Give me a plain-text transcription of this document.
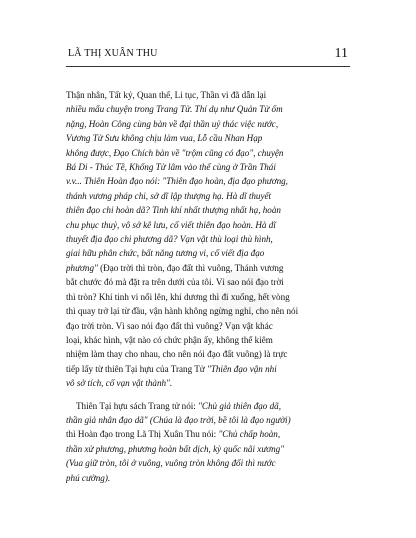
LÃ THỊ XUÂN THU	11
Thận nhân, Tất kỷ, Quan thế, Li tục, Thần vi đã dẫn lại
nhiều mẩu chuyện trong Trang Tử. Thí dụ như Quản Tử ốm
nặng, Hoàn Công cùng bàn về đại thần uỷ thác việc nước,
Vương Tử Sưu không chịu làm vua, Lỗ cầu Nhan Hạp
không được, Đạo Chích bàn về "trộm cũng có đạo", chuyện
Bá Di - Thúc Tề, Khổng Tử lâm vào thế cùng ở Trần Thái
v.v... Thiên Hoàn đạo nói: "Thiên đạo hoàn, địa đạo phương,
thánh vương pháp chi, sở dĩ lập thượng hạ. Hà dĩ thuyết
thiên đạo chi hoàn dã? Tinh khí nhất thượng nhất hạ, hoàn
chu phục thuỷ, vô sở kê lưu, cố viết thiên đạo hoàn. Hà dĩ
thuyết địa đạo chi phương dã? Vạn vật thù loại thù hình,
giai hữu phân chức, bất năng tương vi, cố viết địa đạo
phương" (Đạo trời thì tròn, đạo đất thì vuông, Thánh vương
bắt chước đó mà đặt ra trên dưới của tôi. Vì sao nói đạo trời
thì tròn? Khí tinh vi nổi lên, khí dương thì đi xuống, hết vòng
thì quay trở lại từ đầu, vận hành không ngừng nghỉ, cho nên nói
đạo trời tròn. Vì sao nói đạo đất thì vuông? Vạn vật khác
loại, khác hình, vật nào có chức phận ấy, không thể kiêm
nhiệm làm thay cho nhau, cho nên nói đạo đất vuông) là trực
tiếp lấy từ thiên Tại hựu của Trang Tử "Thiên đạo vận nhi
vô sở tích, cố vạn vật thành".
Thiên Tại hựu sách Trang tử nói: "Chủ giả thiên đạo dã,
thần giả nhân đạo dã" (Chúa là đạo trời, bề tôi là đạo người)
thì Hoàn đạo trong Lã Thị Xuân Thu nói: "Chủ chấp hoàn,
thần xử phương, phương hoàn bất dịch, kỳ quốc nãi xương"
(Vua giữ tròn, tôi ở vuông, vuông tròn không đổi thì nước
phú cường).
